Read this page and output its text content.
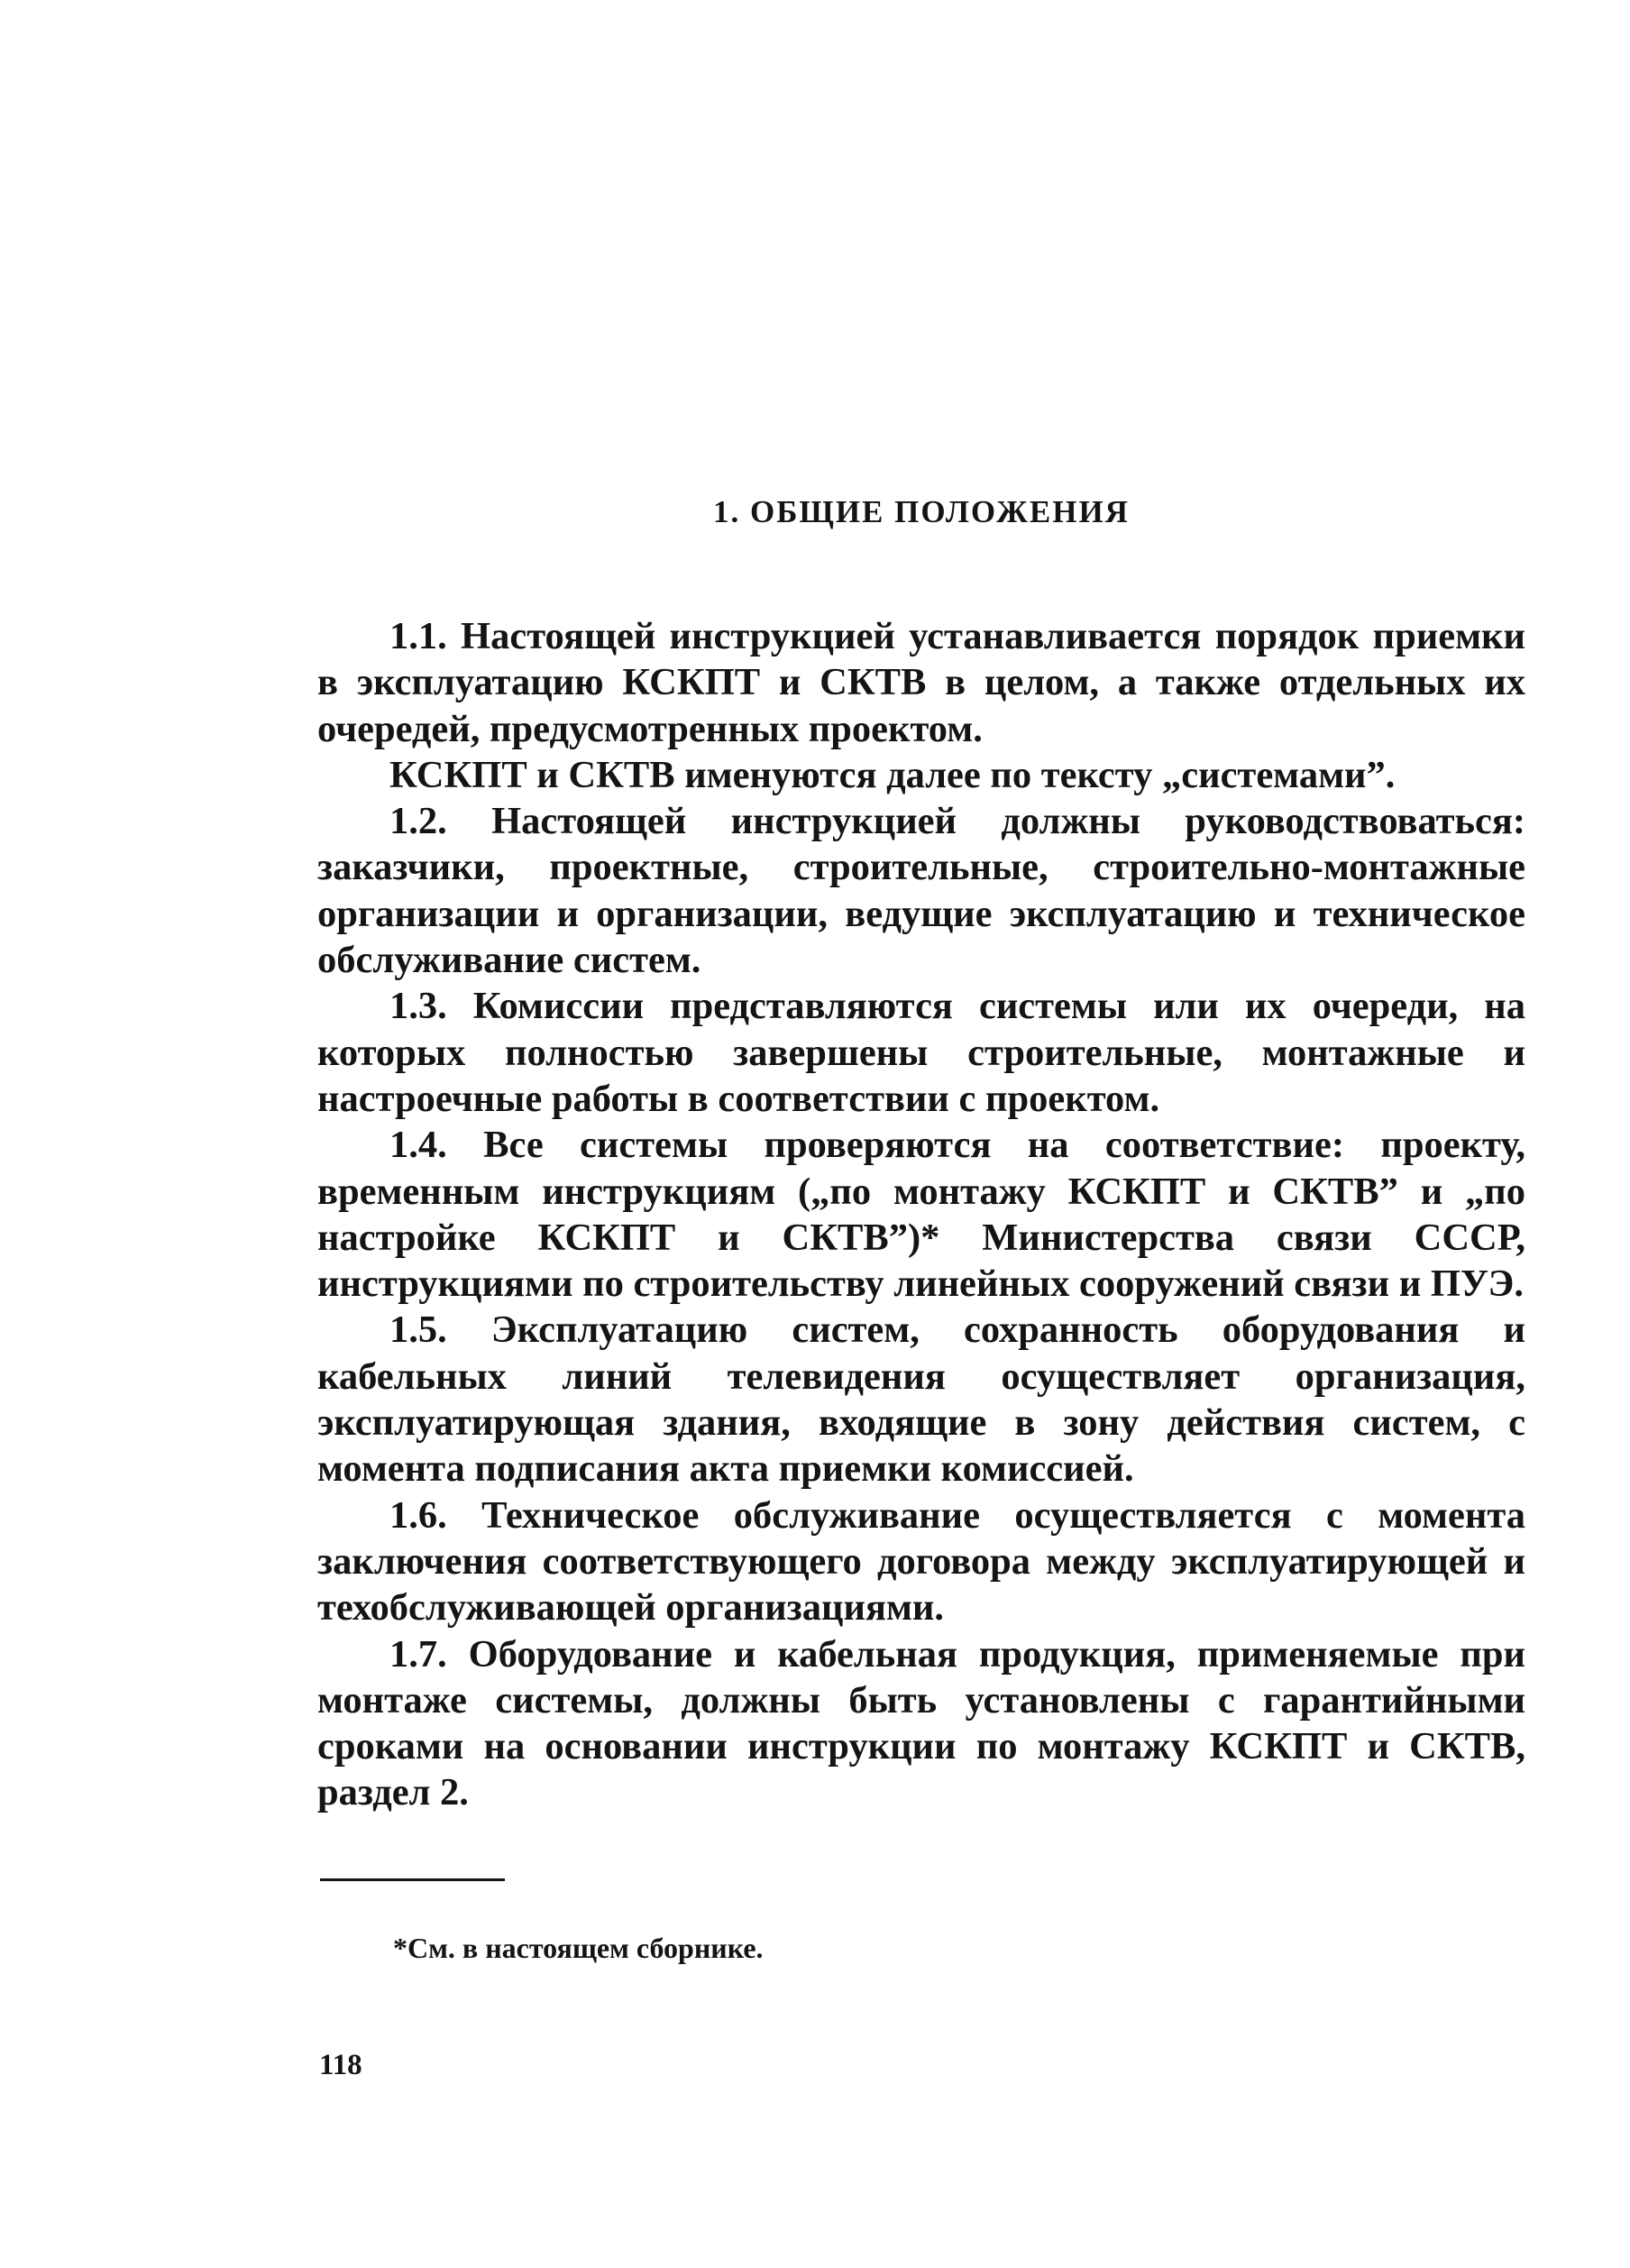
1. ОБЩИЕ ПОЛОЖЕНИЯ

1.1. Настоящей инструкцией устанавливается порядок приемки в эксплуатацию КСКПТ и СКТВ в целом, а также отдельных их очередей, предусмотренных проектом.

КСКПТ и СКТВ именуются далее по тексту „системами”.

1.2. Настоящей инструкцией должны руководствоваться: заказчики, проектные, строительные, строительно-монтажные организации и организации, ведущие эксплуатацию и техническое обслуживание систем.

1.3. Комиссии представляются системы или их очереди, на которых полностью завершены строительные, монтажные и настроечные работы в соответствии с проектом.

1.4. Все системы проверяются на соответствие: проекту, временным инструкциям („по монтажу КСКПТ и СКТВ” и „по настройке КСКПТ и СКТВ”)* Министерства связи СССР, инструкциями по строительству линейных сооружений связи и ПУЭ.

1.5. Эксплуатацию систем, сохранность оборудования и кабельных линий телевидения осуществляет организация, эксплуатирующая здания, входящие в зону действия систем, с момента подписания акта приемки комиссией.

1.6. Техническое обслуживание осуществляется с момента заключения соответствующего договора между эксплуатирующей и техобслуживающей организациями.

1.7. Оборудование и кабельная продукция, применяемые при монтаже системы, должны быть установлены с гарантийными сроками на основании инструкции по монтажу КСКПТ и СКТВ, раздел 2.

*См. в настоящем сборнике.
118
